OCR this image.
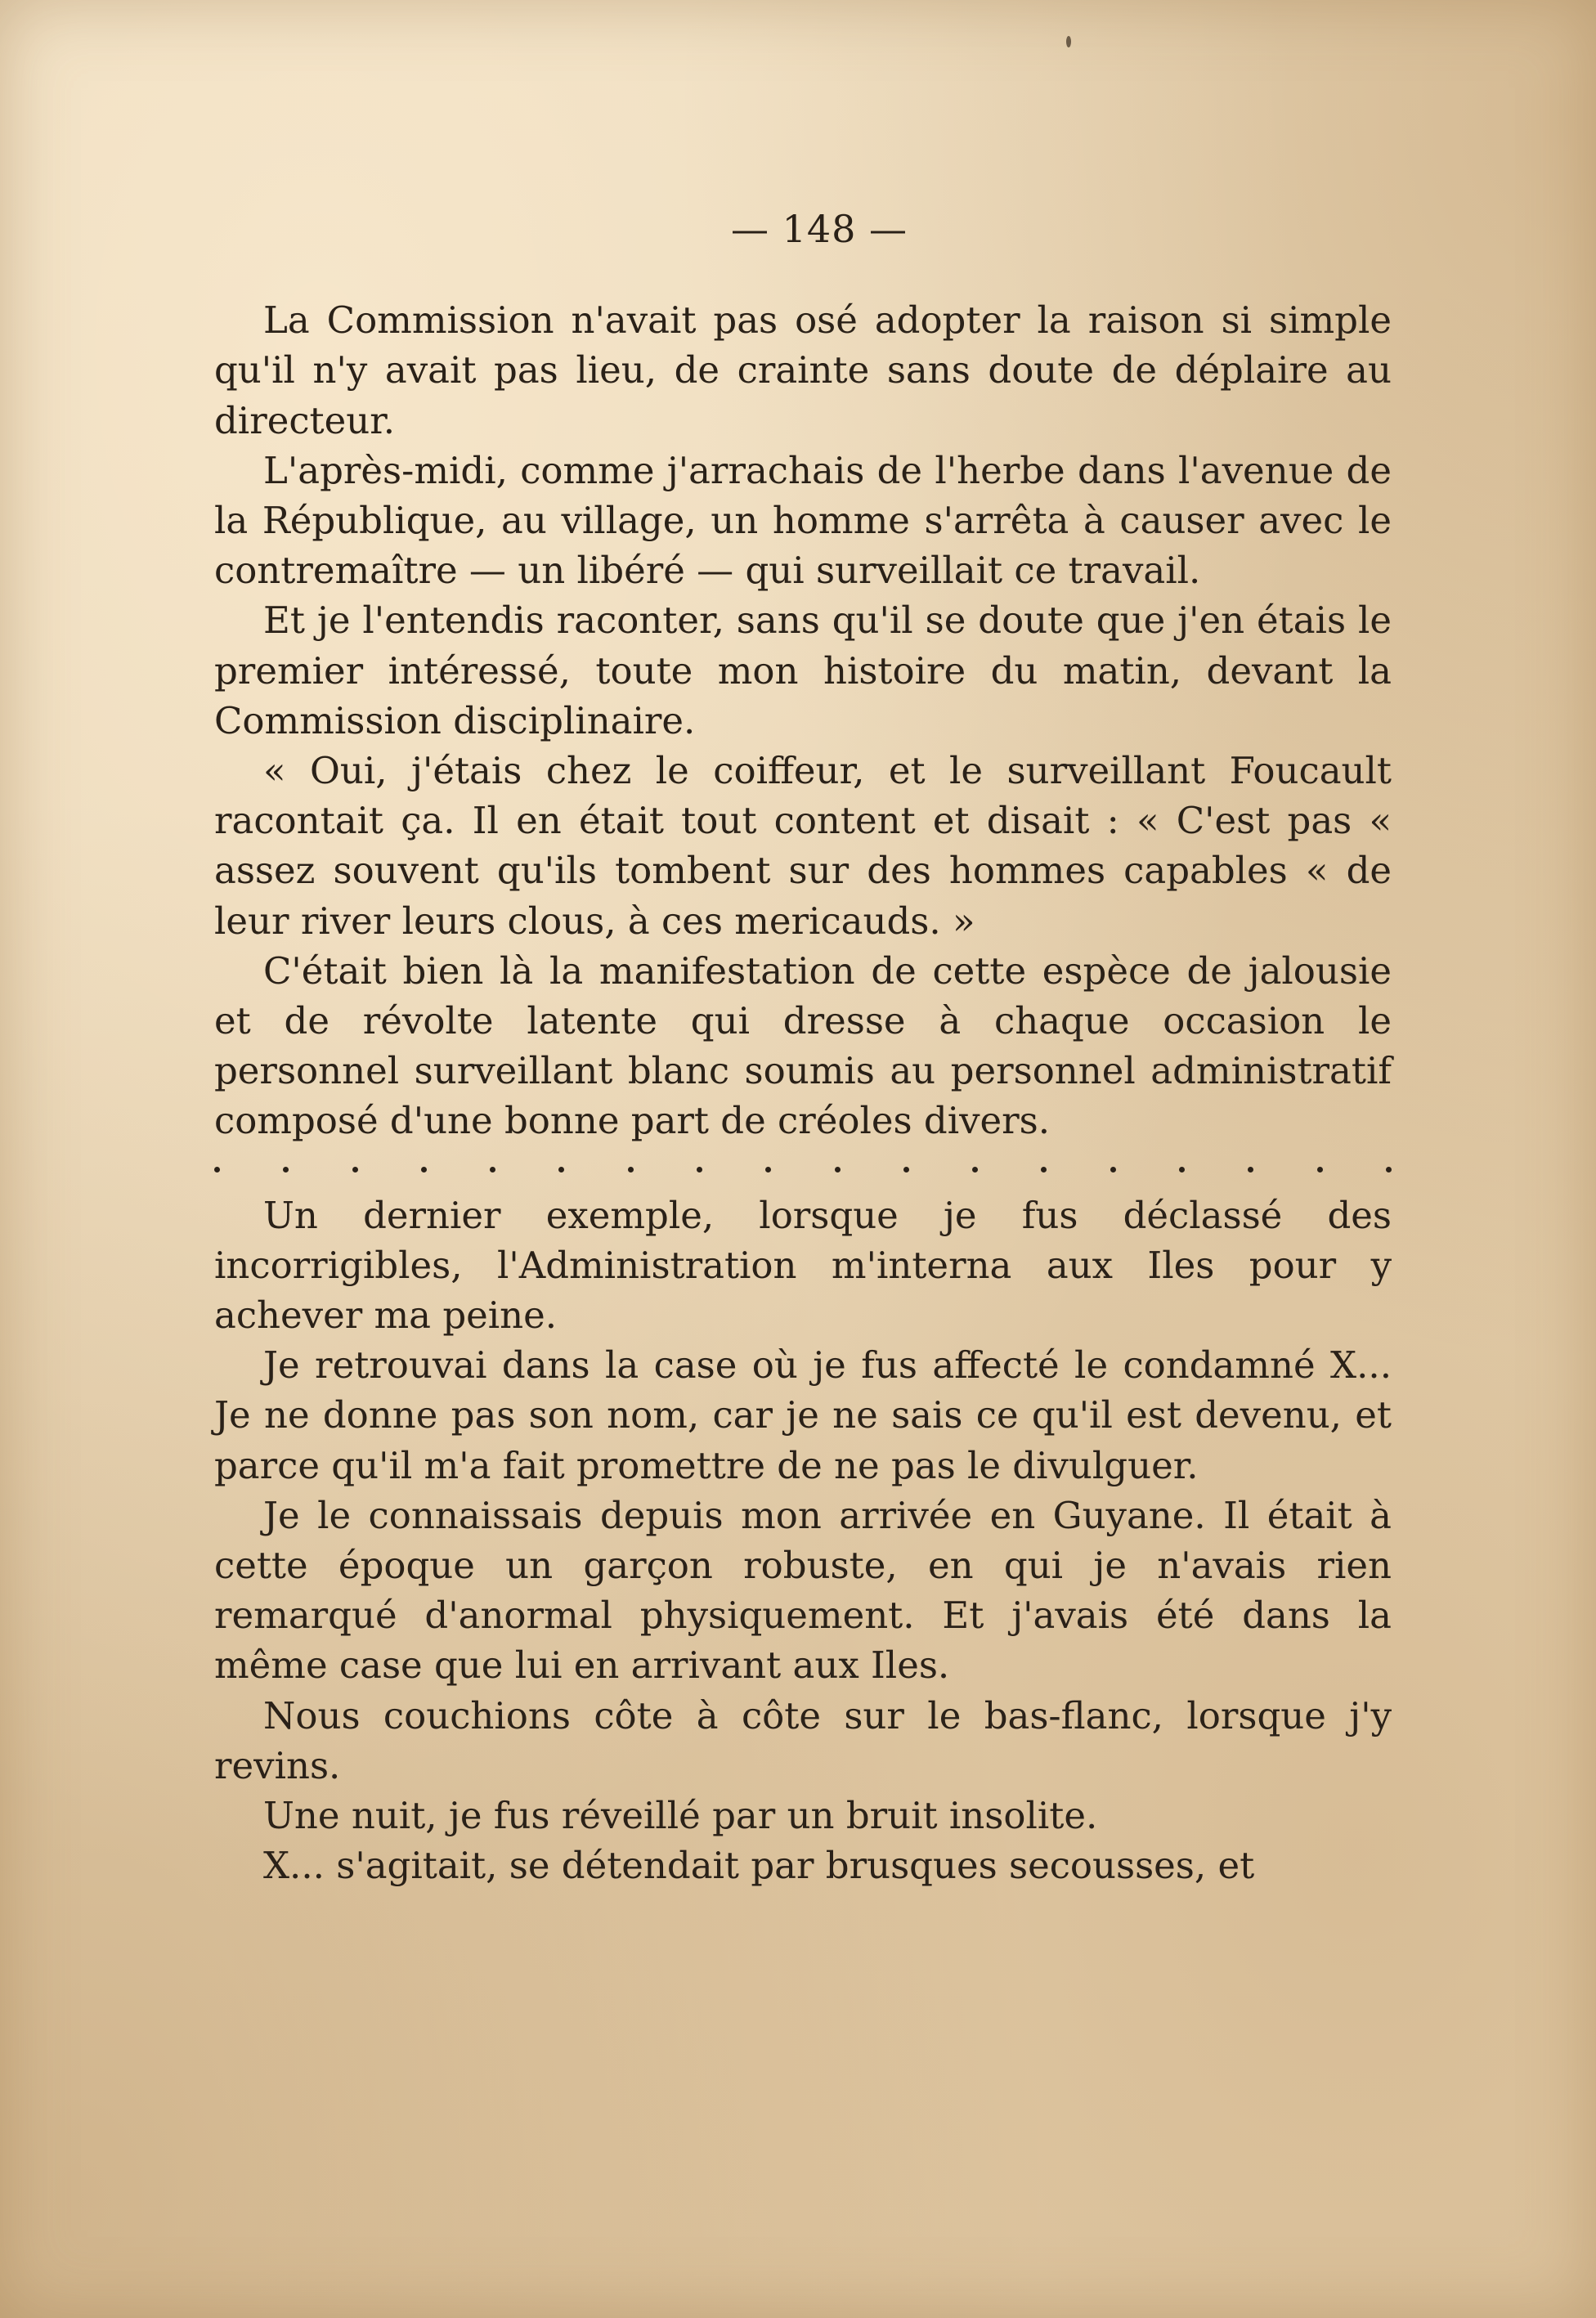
— 148 —

La Commission n'avait pas osé adopter la raison si simple qu'il n'y avait pas lieu, de crainte sans doute de déplaire au directeur.

L'après-midi, comme j'arrachais de l'herbe dans l'avenue de la République, au village, un homme s'arrêta à causer avec le contremaître — un libéré — qui surveillait ce travail.

Et je l'entendis raconter, sans qu'il se doute que j'en étais le premier intéressé, toute mon histoire du matin, devant la Commission disciplinaire.

« Oui, j'étais chez le coiffeur, et le surveillant Foucault racontait ça. Il en était tout content et disait : « C'est pas « assez souvent qu'ils tombent sur des hommes capables « de leur river leurs clous, à ces mericauds. »

C'était bien là la manifestation de cette espèce de jalousie et de révolte latente qui dresse à chaque occasion le personnel surveillant blanc soumis au personnel administratif composé d'une bonne part de créoles divers.

Un dernier exemple, lorsque je fus déclassé des incorrigibles, l'Administration m'interna aux Iles pour y achever ma peine.

Je retrouvai dans la case où je fus affecté le condamné X... Je ne donne pas son nom, car je ne sais ce qu'il est devenu, et parce qu'il m'a fait promettre de ne pas le divulguer.

Je le connaissais depuis mon arrivée en Guyane. Il était à cette époque un garçon robuste, en qui je n'avais rien remarqué d'anormal physiquement. Et j'avais été dans la même case que lui en arrivant aux Iles.

Nous couchions côte à côte sur le bas-flanc, lorsque j'y revins.

Une nuit, je fus réveillé par un bruit insolite.

X... s'agitait, se détendait par brusques secousses, et
